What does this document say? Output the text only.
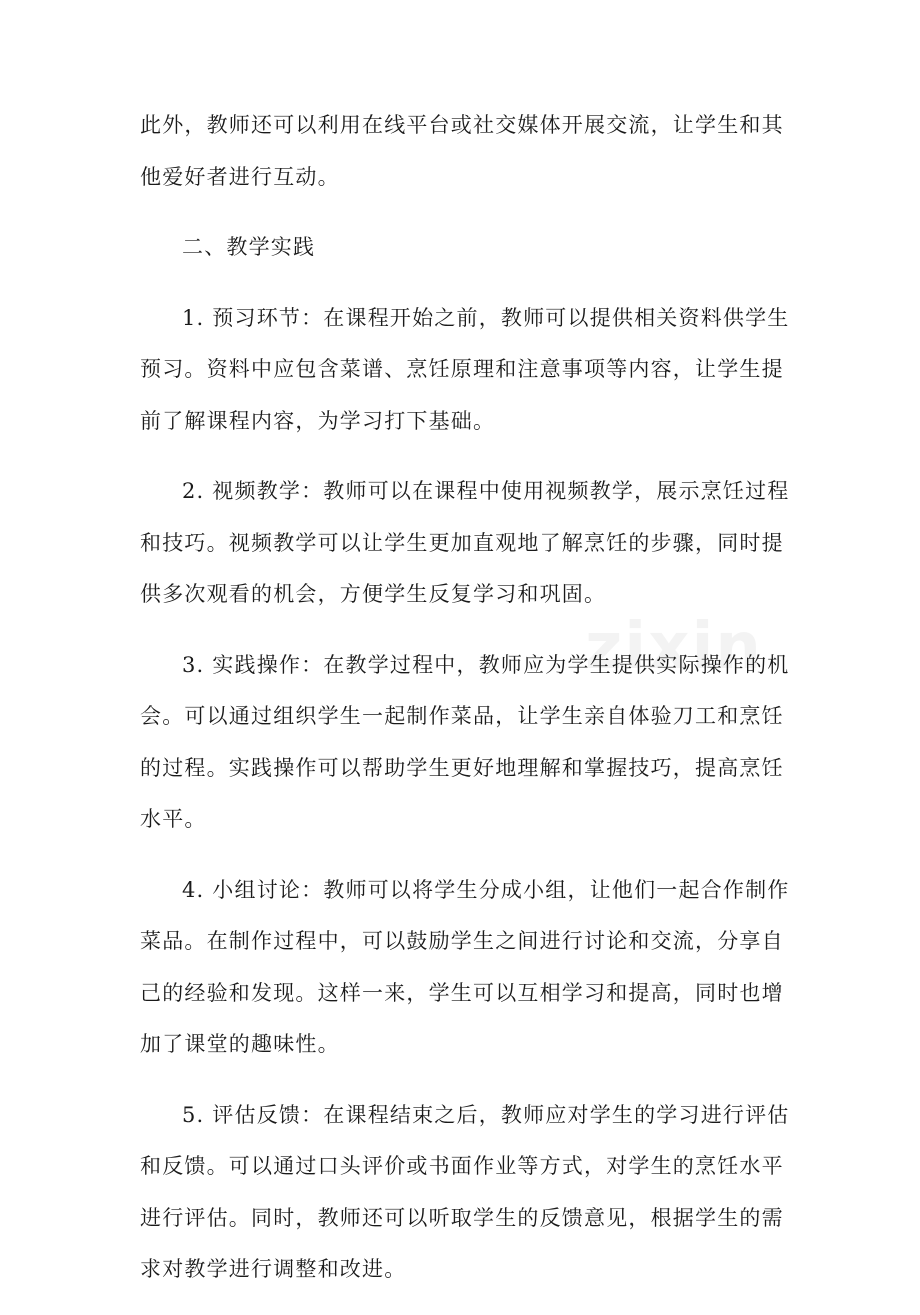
此外，教师还可以利用在线平台或社交媒体开展交流，让学生和其
他爱好者进行互动。
二、教学实践
1. 预习环节：在课程开始之前，教师可以提供相关资料供学生
预习。资料中应包含菜谱、烹饪原理和注意事项等内容，让学生提
前了解课程内容，为学习打下基础。
2. 视频教学：教师可以在课程中使用视频教学，展示烹饪过程
和技巧。视频教学可以让学生更加直观地了解烹饪的步骤，同时提
供多次观看的机会，方便学生反复学习和巩固。
3. 实践操作：在教学过程中，教师应为学生提供实际操作的机
会。可以通过组织学生一起制作菜品，让学生亲自体验刀工和烹饪
的过程。实践操作可以帮助学生更好地理解和掌握技巧，提高烹饪
水平。
4. 小组讨论：教师可以将学生分成小组，让他们一起合作制作
菜品。在制作过程中，可以鼓励学生之间进行讨论和交流，分享自
己的经验和发现。这样一来，学生可以互相学习和提高，同时也增
加了课堂的趣味性。
5. 评估反馈：在课程结束之后，教师应对学生的学习进行评估
和反馈。可以通过口头评价或书面作业等方式，对学生的烹饪水平
进行评估。同时，教师还可以听取学生的反馈意见，根据学生的需
求对教学进行调整和改进。
